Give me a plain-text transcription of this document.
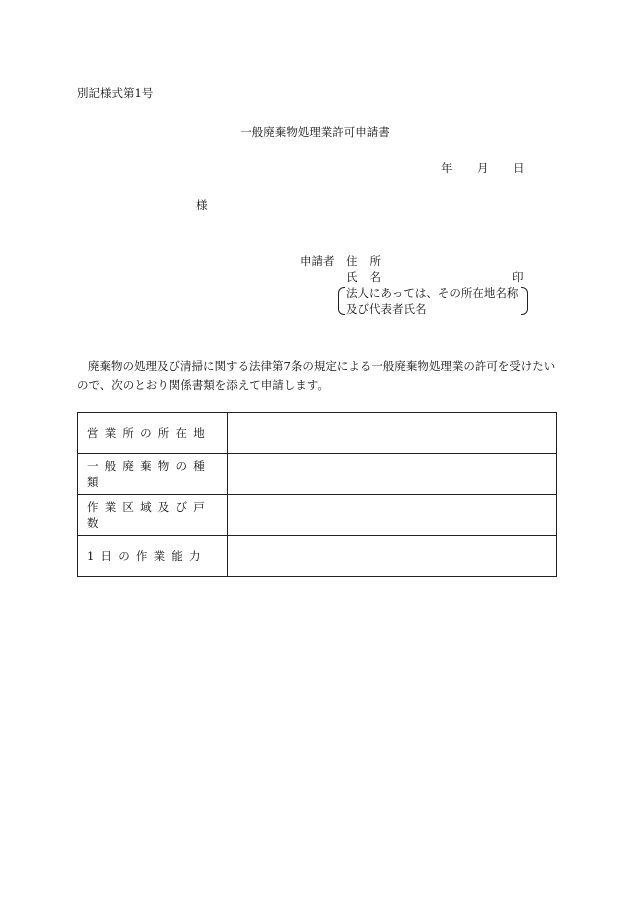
別記様式第1号
一般廃棄物処理業許可申請書
年	月	日
様
申請者 住所
氏名	印
法人にあっては、その所在地名称
及び代表者氏名
廃棄物の処理及び清掃に関する法律第7条の規定による一般廃棄物処理業の許可を受けたいので、次のとおり関係書類を添えて申請します。
営業所の所在地	
一般廃棄物の種類	
作業区域及び戸数	
1日の作業能力	
